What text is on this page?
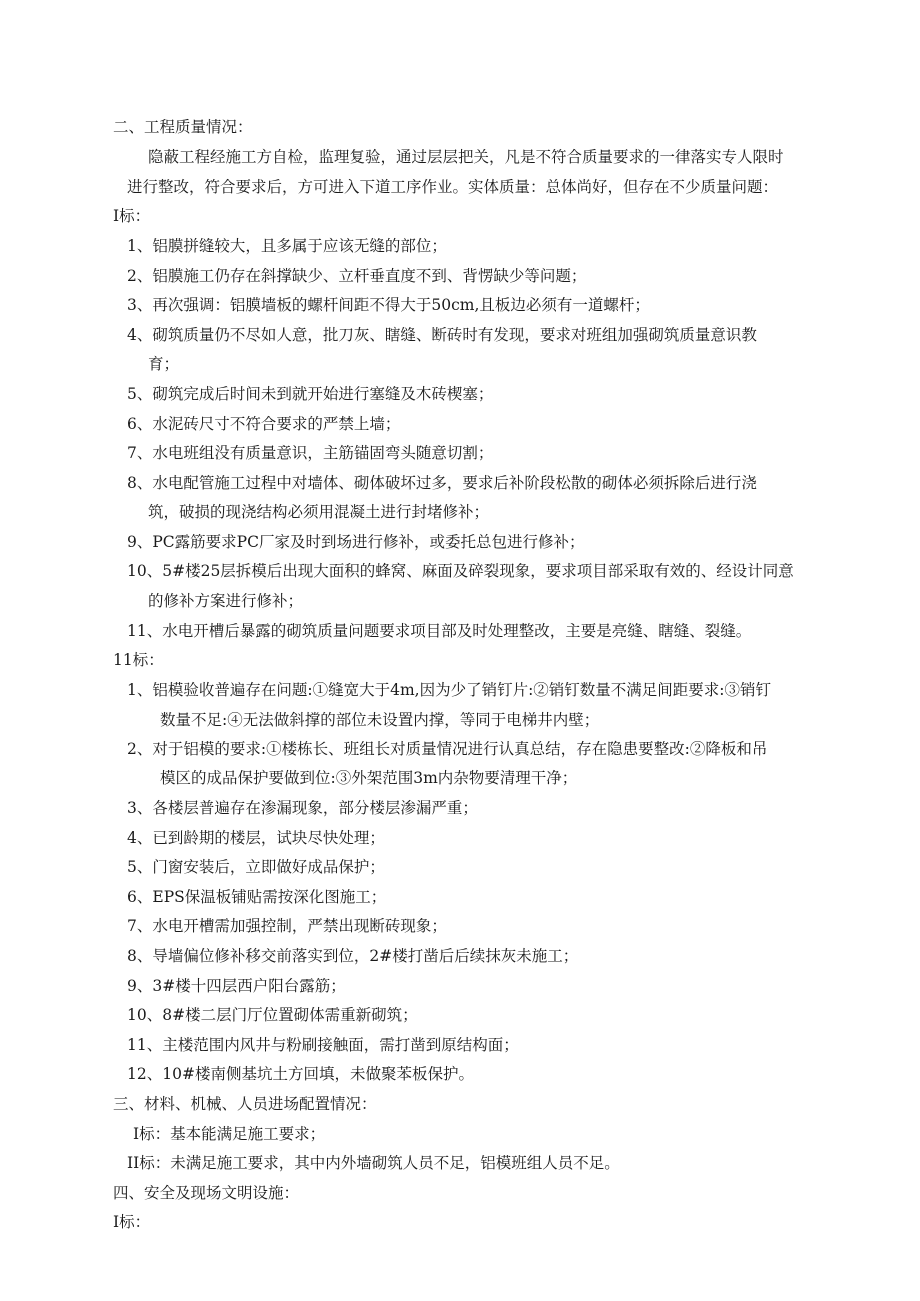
二、工程质量情况：
隐蔽工程经施工方自检，监理复验，通过层层把关，凡是不符合质量要求的一律落实专人限时
进行整改，符合要求后，方可进入下道工序作业。实体质量：总体尚好，但存在不少质量问题：
I标：
1、铝膜拼缝较大，且多属于应该无缝的部位；
2、铝膜施工仍存在斜撑缺少、立杆垂直度不到、背愣缺少等问题；
3、再次强调：铝膜墙板的螺杆间距不得大于50cm,且板边必须有一道螺杆；
4、砌筑质量仍不尽如人意，批刀灰、瞎缝、断砖时有发现，要求对班组加强砌筑质量意识教
育；
5、砌筑完成后时间未到就开始进行塞缝及木砖楔塞；
6、水泥砖尺寸不符合要求的严禁上墙；
7、水电班组没有质量意识，主筋锚固弯头随意切割；
8、水电配管施工过程中对墙体、砌体破坏过多，要求后补阶段松散的砌体必须拆除后进行浇
筑，破损的现浇结构必须用混凝土进行封堵修补；
9、PC露筋要求PC厂家及时到场进行修补，或委托总包进行修补；
10、5#楼25层拆模后出现大面积的蜂窝、麻面及碎裂现象，要求项目部采取有效的、经设计同意
的修补方案进行修补；
11、水电开槽后暴露的砌筑质量问题要求项目部及时处理整改，主要是亮缝、瞎缝、裂缝。
11标：
1、铝模验收普遍存在问题:①缝宽大于4m,因为少了销钉片:②销钉数量不满足间距要求:③销钉
数量不足:④无法做斜撑的部位未设置内撑，等同于电梯井内壁；
2、对于铝模的要求:①楼栋长、班组长对质量情况进行认真总结，存在隐患要整改:②降板和吊
模区的成品保护要做到位:③外架范围3m内杂物要清理干净；
3、各楼层普遍存在渗漏现象，部分楼层渗漏严重；
4、已到龄期的楼层，试块尽快处理；
5、门窗安装后，立即做好成品保护；
6、EPS保温板铺贴需按深化图施工；
7、水电开槽需加强控制，严禁出现断砖现象；
8、导墙偏位修补移交前落实到位，2#楼打凿后后续抹灰未施工；
9、3#楼十四层西户阳台露筋；
10、8#楼二层门厅位置砌体需重新砌筑；
11、主楼范围内风井与粉刷接触面，需打凿到原结构面；
12、10#楼南侧基坑土方回填，未做聚苯板保护。
三、材料、机械、人员进场配置情况：
I标：基本能满足施工要求；
II标：未满足施工要求，其中内外墙砌筑人员不足，铝模班组人员不足。
四、安全及现场文明设施：
I标：
